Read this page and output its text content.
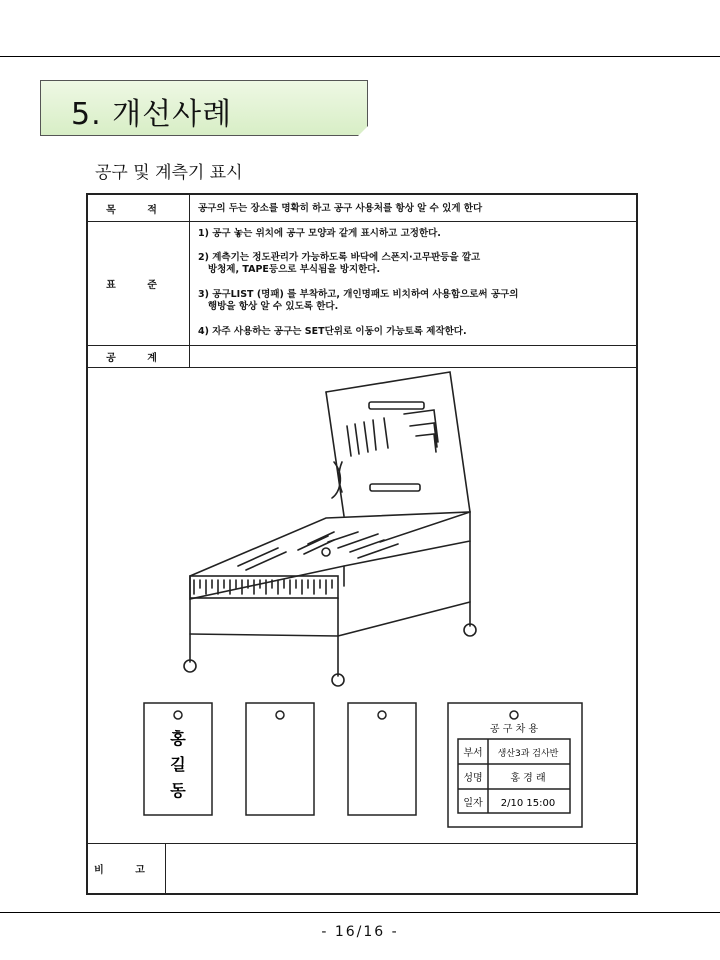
5. 개선사례
공구 및 계측기 표시
목 적	공구의 두는 장소를 명확히 하고 공구 사용처를 항상 알 수 있게 한다
표 준
1) 공구 놓는 위치에 공구 모양과 같게 표시하고 고정한다.
2) 계측기는 정도관리가 가능하도록 바닥에 스폰지·고무판등을 깔고
방청제, TAPE등으로 부식됨을 방지한다.
3) 공구LIST (명패) 를 부착하고, 개인명패도 비치하여 사용함으로써 공구의
행방을 항상 알 수 있도록 한다.
4) 자주 사용하는 공구는 SET단위로 이동이 가능토록 제작한다.
공 계
홍
길
동
공 구 차 용
부서 생산3과 검사반
성명	홍 경 래
일자 2/10 15:00
비 고
- 16/16 -
